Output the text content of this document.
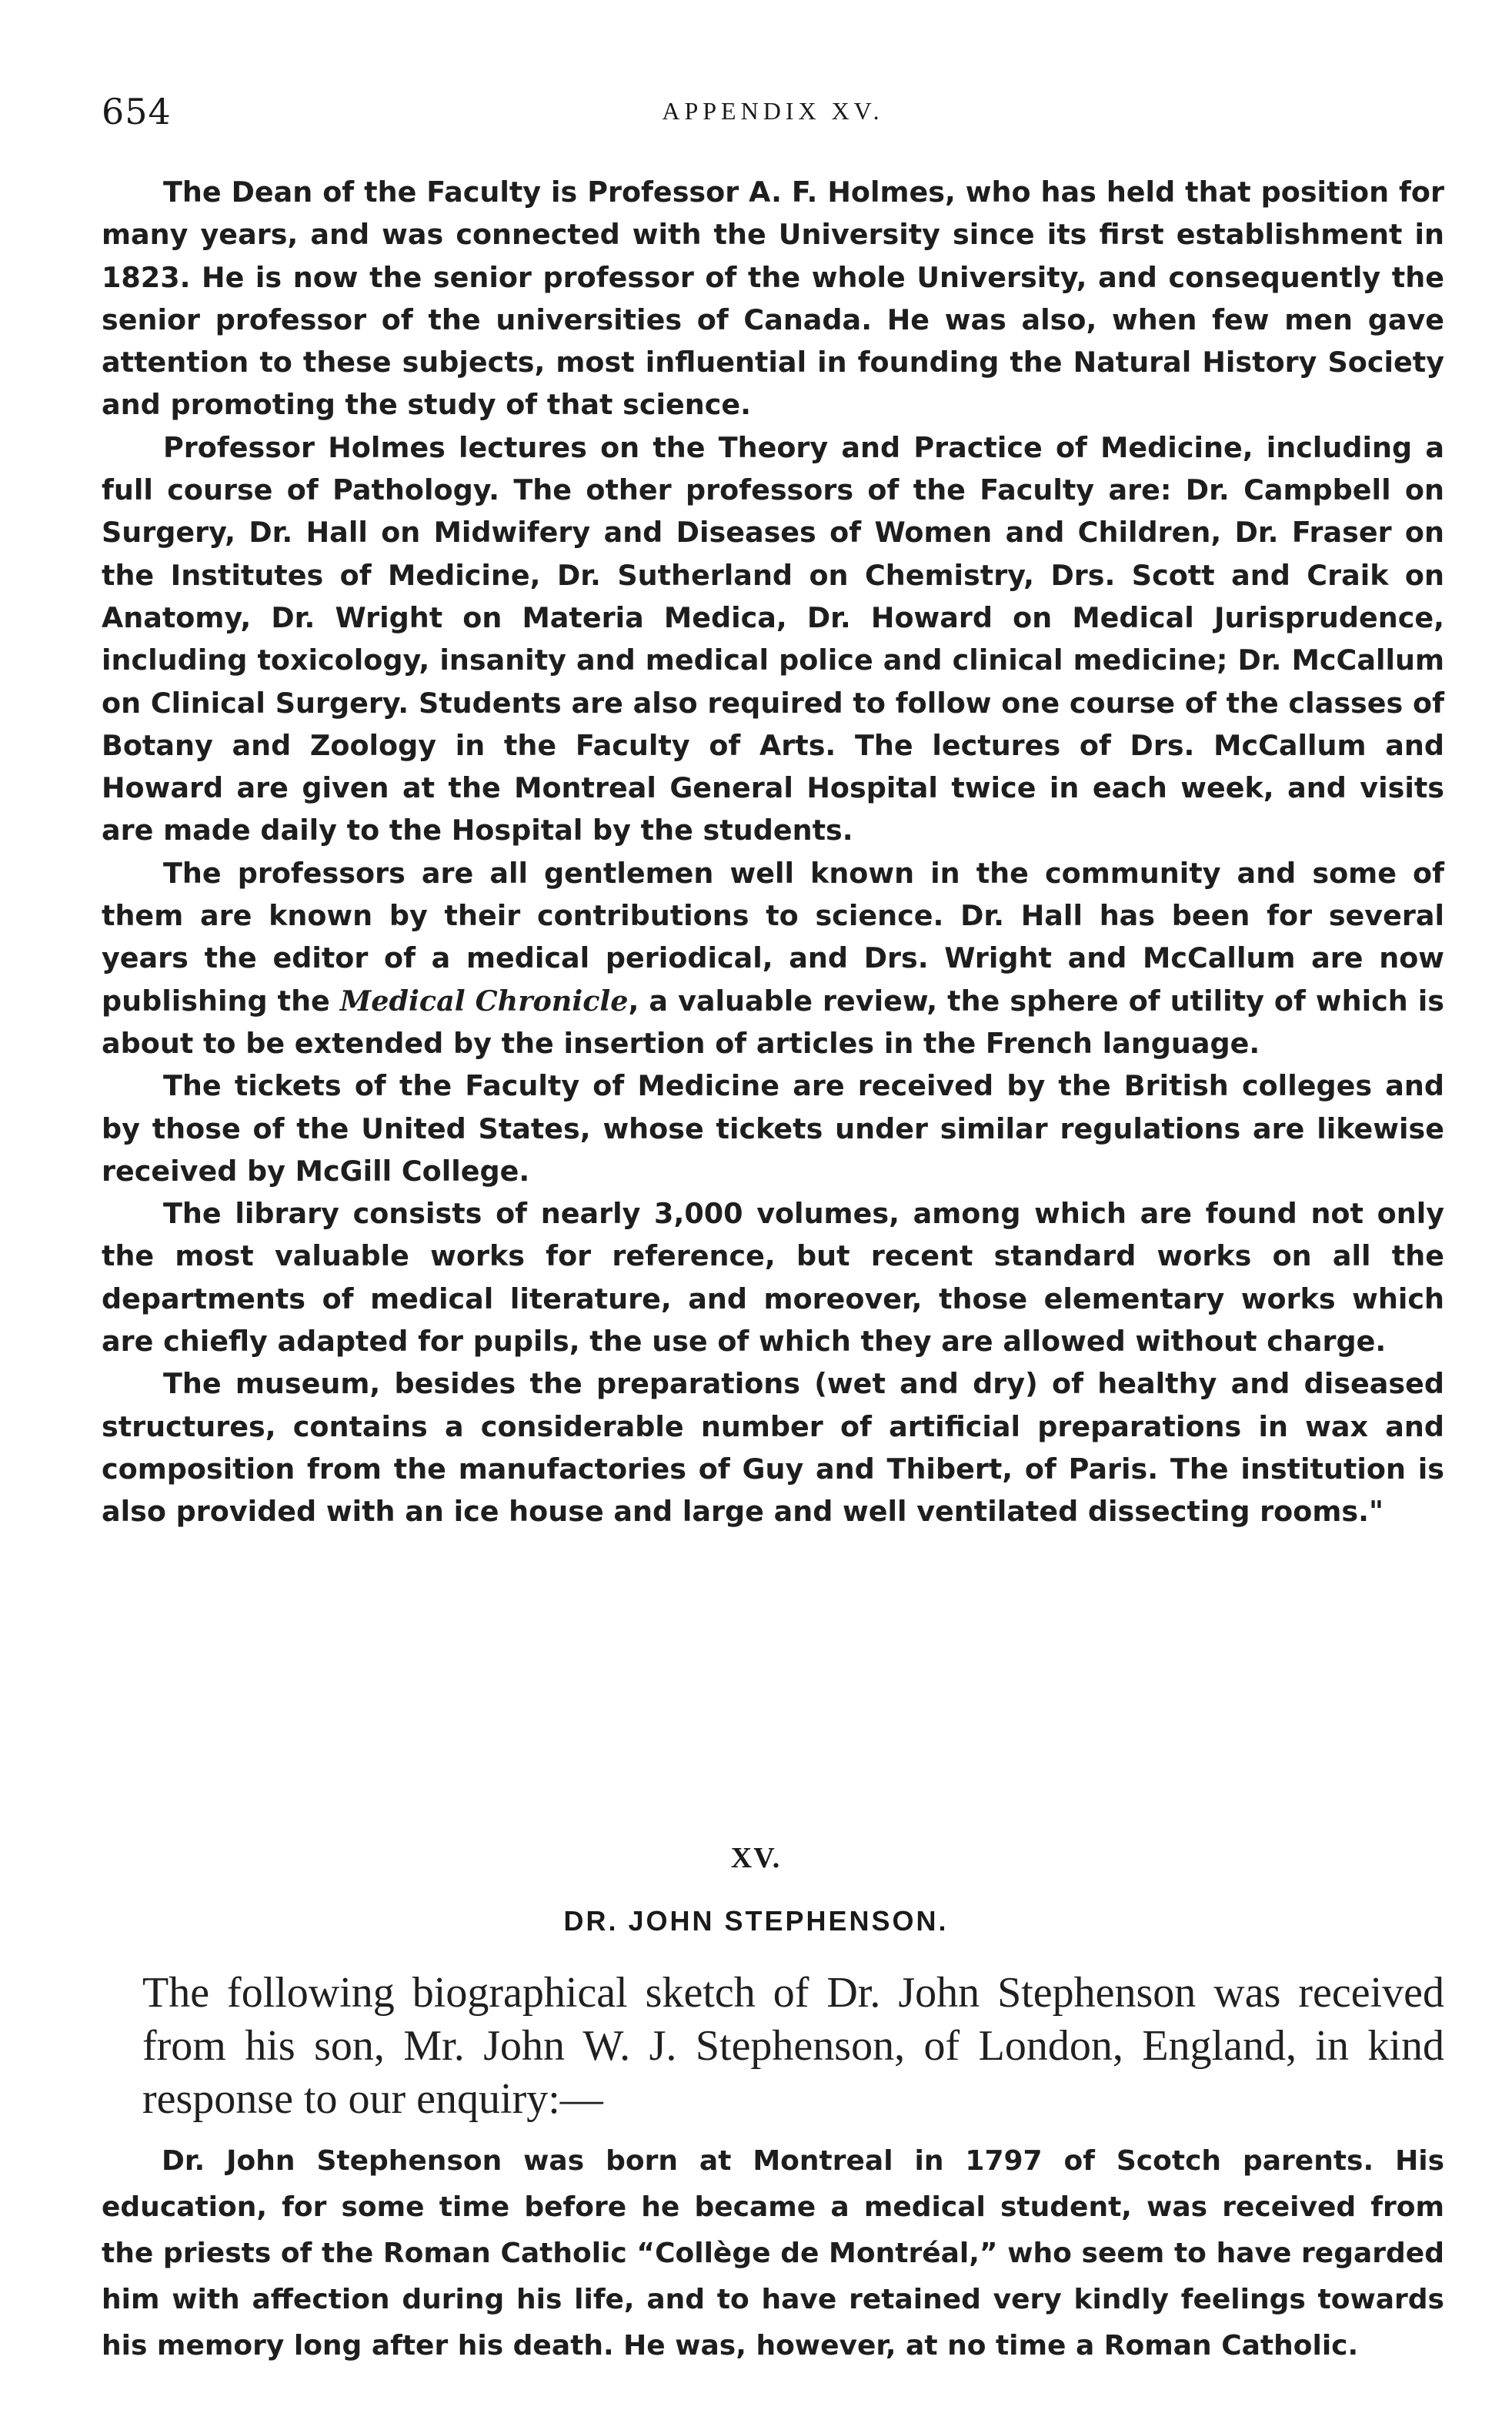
654	APPENDIX XV.

The Dean of the Faculty is Professor A. F. Holmes, who has held that position for many years, and was connected with the University since its first establishment in 1823. He is now the senior professor of the whole University, and consequently the senior professor of the universities of Canada. He was also, when few men gave attention to these subjects, most influential in founding the Natural History Society and promoting the study of that science.

Professor Holmes lectures on the Theory and Practice of Medicine, including a full course of Pathology. The other professors of the Faculty are: Dr. Campbell on Surgery, Dr. Hall on Midwifery and Diseases of Women and Children, Dr. Fraser on the Institutes of Medicine, Dr. Sutherland on Chemistry, Drs. Scott and Craik on Anatomy, Dr. Wright on Materia Medica, Dr. Howard on Medical Jurisprudence, including toxicology, insanity and medical police and clinical medicine; Dr. McCallum on Clinical Surgery. Students are also required to follow one course of the classes of Botany and Zoology in the Faculty of Arts. The lectures of Drs. McCallum and Howard are given at the Montreal General Hospital twice in each week, and visits are made daily to the Hospital by the students.

The professors are all gentlemen well known in the community and some of them are known by their contributions to science. Dr. Hall has been for several years the editor of a medical periodical, and Drs. Wright and McCallum are now publishing the Medical Chronicle, a valuable review, the sphere of utility of which is about to be extended by the insertion of articles in the French language.

The tickets of the Faculty of Medicine are received by the British colleges and by those of the United States, whose tickets under similar regulations are likewise received by McGill College.

The library consists of nearly 3,000 volumes, among which are found not only the most valuable works for reference, but recent standard works on all the departments of medical literature, and moreover, those elementary works which are chiefly adapted for pupils, the use of which they are allowed without charge.

The museum, besides the preparations (wet and dry) of healthy and diseased structures, contains a considerable number of artificial preparations in wax and composition from the manufactories of Guy and Thibert, of Paris. The institution is also provided with an ice house and large and well ventilated dissecting rooms."

XV.
DR. JOHN STEPHENSON.

The following biographical sketch of Dr. John Stephenson was received from his son, Mr. John W. J. Stephenson, of London, England, in kind response to our enquiry:—

Dr. John Stephenson was born at Montreal in 1797 of Scotch parents. His education, for some time before he became a medical student, was received from the priests of the Roman Catholic “Collège de Montréal,” who seem to have regarded him with affection during his life, and to have retained very kindly feelings towards his memory long after his death. He was, however, at no time a Roman Catholic.
